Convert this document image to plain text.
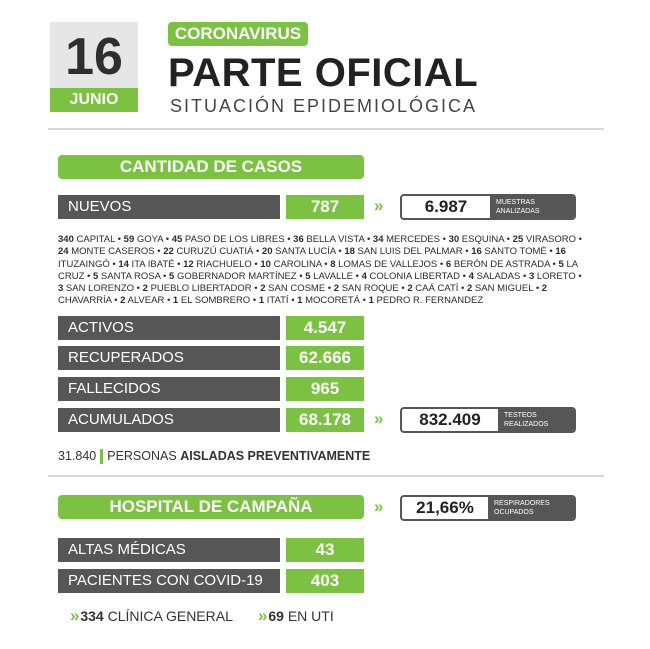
16
JUNIO
CORONAVIRUS
PARTE OFICIAL
SITUACIÓN EPIDEMIOLÓGICA
CANTIDAD DE CASOS
NUEVOS	787	»	6.987	MUESTRAS
ANALIZADAS
340 CAPITAL • 59 GOYA • 45 PASO DE LOS LIBRES • 36 BELLA VISTA • 34 MERCEDES • 30 ESQUINA • 25 VIRASORO • 24 MONTE CASEROS • 22 CURUZÚ CUATIÁ • 20 SANTA LUCÍA • 18 SAN LUIS DEL PALMAR • 16 SANTO TOMÉ • 16 ITUZAINGÓ • 14 ITA IBATÉ • 12 RIACHUELO • 10 CAROLINA • 8 LOMAS DE VALLEJOS • 6 BERÓN DE ASTRADA • 5 LA CRUZ • 5 SANTA ROSA • 5 GOBERNADOR MARTÍNEZ • 5 LAVALLE • 4 COLONIA LIBERTAD • 4 SALADAS • 3 LORETO • 3 SAN LORENZO • 2 PUEBLO LIBERTADOR • 2 SAN COSME • 2 SAN ROQUE • 2 CAÁ CATÍ • 2 SAN MIGUEL • 2 CHAVARRÍA • 2 ALVEAR • 1 EL SOMBRERO • 1 ITATÍ • 1 MOCORETÁ • 1 PEDRO R. FERNANDEZ
ACTIVOS	4.547
RECUPERADOS	62.666
FALLECIDOS	965
ACUMULADOS	68.178	»	832.409	TESTEOS
REALIZADOS
31.840 PERSONAS AISLADAS PREVENTIVAMENTE
HOSPITAL DE CAMPAÑA	»	21,66%	RESPIRADORES
OCUPADOS
ALTAS MÉDICAS	43
PACIENTES CON COVID-19	403
» 334 CLÍNICA GENERAL » 69 EN UTI
